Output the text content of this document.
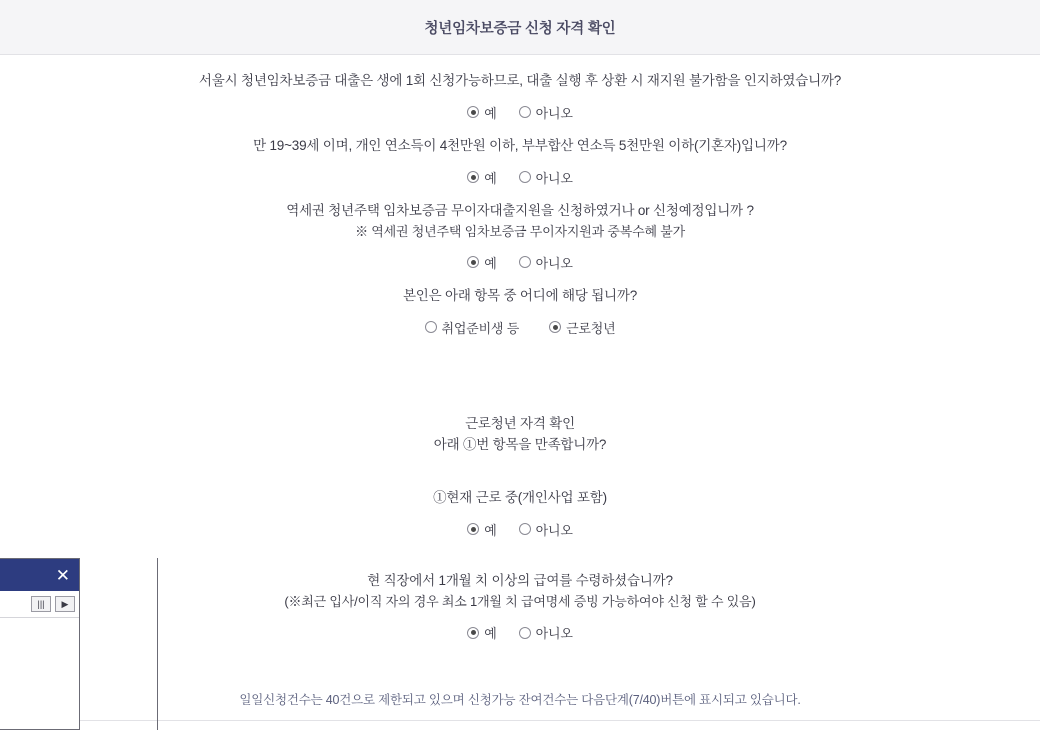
청년임차보증금 신청 자격 확인
서울시 청년임차보증금 대출은 생에 1회 신청가능하므로, 대출 실행 후 상환 시 재지원 불가함을 인지하였습니까?
예	아니오
만 19~39세 이며, 개인 연소득이 4천만원 이하, 부부합산 연소득 5천만원 이하(기혼자)입니까?
예	아니오
역세권 청년주택 임차보증금 무이자대출지원을 신청하였거나 or 신청예정입니까 ?
※ 역세권 청년주택 임차보증금 무이자지원과 중복수혜 불가
예	아니오
본인은 아래 항목 중 어디에 해당 됩니까?
취업준비생 등	근로청년
근로청년 자격 확인
아래 ①번 항목을 만족합니까?
①현재 근로 중(개인사업 포함)
예	아니오
현 직장에서 1개월 치 이상의 급여를 수령하셨습니까?
(※최근 입사/이직 자의 경우 최소 1개월 치 급여명세 증빙 가능하여야 신청 할 수 있음)
예	아니오
일일신청건수는 40건으로 제한되고 있으며 신청가능 잔여건수는 다음단계(7/40)버튼에 표시되고 있습니다.
✕
|||	▶
